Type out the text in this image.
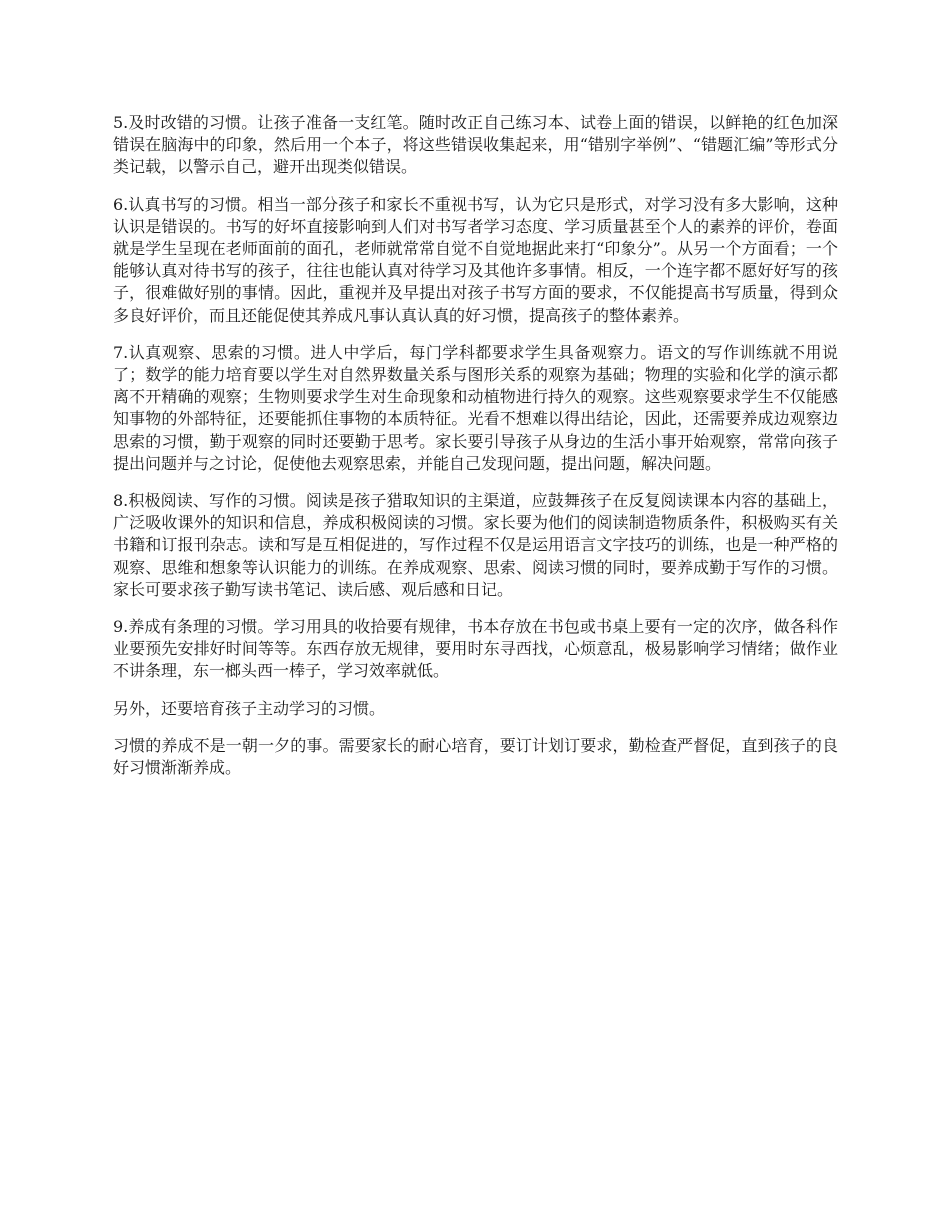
5.及时改错的习惯。让孩子准备一支红笔。随时改正自己练习本、试卷上面的错误，以鲜艳的红色加深错误在脑海中的印象，然后用一个本子，将这些错误收集起来，用“错别字举例”、“错题汇编”等形式分类记载，以警示自己，避开出现类似错误。

6.认真书写的习惯。相当一部分孩子和家长不重视书写，认为它只是形式，对学习没有多大影响，这种认识是错误的。书写的好坏直接影响到人们对书写者学习态度、学习质量甚至个人的素养的评价，卷面就是学生呈现在老师面前的面孔，老师就常常自觉不自觉地据此来打“印象分”。从另一个方面看；一个能够认真对待书写的孩子，往往也能认真对待学习及其他许多事情。相反，一个连字都不愿好好写的孩子，很难做好别的事情。因此，重视并及早提出对孩子书写方面的要求，不仅能提高书写质量，得到众多良好评价，而且还能促使其养成凡事认真认真的好习惯，提高孩子的整体素养。

7.认真观察、思索的习惯。进人中学后，每门学科都要求学生具备观察力。语文的写作训练就不用说了；数学的能力培育要以学生对自然界数量关系与图形关系的观察为基础；物理的实验和化学的演示都离不开精确的观察；生物则要求学生对生命现象和动植物进行持久的观察。这些观察要求学生不仅能感知事物的外部特征，还要能抓住事物的本质特征。光看不想难以得出结论，因此，还需要养成边观察边思索的习惯，勤于观察的同时还要勤于思考。家长要引导孩子从身边的生活小事开始观察，常常向孩子提出问题并与之讨论，促使他去观察思索，并能自己发现问题，提出问题，解决问题。

8.积极阅读、写作的习惯。阅读是孩子猎取知识的主渠道，应鼓舞孩子在反复阅读课本内容的基础上，广泛吸收课外的知识和信息，养成积极阅读的习惯。家长要为他们的阅读制造物质条件，积极购买有关书籍和订报刊杂志。读和写是互相促进的，写作过程不仅是运用语言文字技巧的训练，也是一种严格的观察、思维和想象等认识能力的训练。在养成观察、思索、阅读习惯的同时，要养成勤于写作的习惯。家长可要求孩子勤写读书笔记、读后感、观后感和日记。

9.养成有条理的习惯。学习用具的收拾要有规律，书本存放在书包或书桌上要有一定的次序，做各科作业要预先安排好时间等等。东西存放无规律，要用时东寻西找，心烦意乱，极易影响学习情绪；做作业不讲条理，东一榔头西一棒子，学习效率就低。

另外，还要培育孩子主动学习的习惯。

习惯的养成不是一朝一夕的事。需要家长的耐心培育，要订计划订要求，勤检查严督促，直到孩子的良好习惯渐渐养成。
